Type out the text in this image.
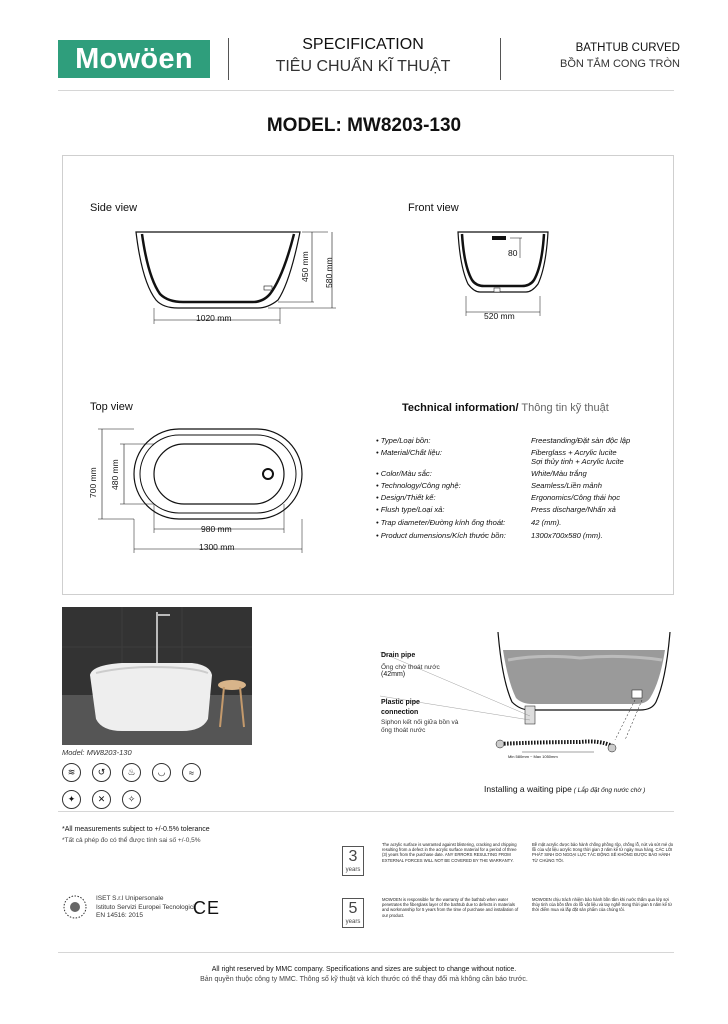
Mowöen	SPECIFICATION
TIÊU CHUẨN KĨ THUẬT
BATHTUB CURVED
BỒN TẮM CONG TRÒN
MODEL: MW8203-130
Side view	Front view
Top view
1020 mm
450 mm 580 mm
80
520 mm
700 mm 480 mm
980 mm
1300 mm
Technical information/ Thông tin kỹ thuật
• Type/Loại bồn:	Freestanding/Đặt sàn độc lập
• Material/Chất liệu:	Fiberglass + Acrylic lucite
Sợi thủy tinh + Acrylic lucite
• Color/Màu sắc:	White/Màu trắng
• Technology/Công nghệ:	Seamless/Liền mảnh
• Design/Thiết kế:	Ergonomics/Công thái học
• Flush type/Loại xả:	Press discharge/Nhấn xả
• Trap diameter/Đường kính ống thoát:	42 (mm).
• Product dumensions/Kích thước bồn:	1300x700x580 (mm).
Model: MW8203-130
≋	↺	♨	◡	≈
✦	✕	✧
Min 580mm ~ Max 1050mm
Drain pipe
Ống chờ thoát nước
(42mm)
Plastic pipe
connection
Siphon kết nối giữa bồn và
ống thoát nước
Installing a waiting pipe ( Lắp đặt ống nước chờ )
*All measurements subject to +/-0.5% tolerance
*Tất cả phép đo có thể được tính sai số +/-0,5%
3
years
The acrylic surface is warranted against blistering, cracking and chipping resulting from a defect in the acrylic surface material for a period of three (3) years from the purchase date. ANY ERRORS RESULTING FROM EXTERNAL FORCES WILL NOT BE COVERED BY THE WARRANTY.
Bề mặt acrylic được bảo hành chống phồng rộp, chống lỗ, nứt và sứt mẻ do lỗi của vật liệu acrylic trong thời gian 3 năm kể từ ngày mua hàng. CÁC LỖI PHÁT SINH DO NGOẠI LỰC TÁC ĐỘNG SẼ KHÔNG ĐƯỢC BẢO HÀNH TỪ CHÚNG TÔI.
5
years
MOWOEN is responsible for the warranty of the bathtub when water penetrates the fiberglass layer of the bathtub due to defects in materials and workmanship for 5 years from the time of purchase and installation of our product.
MOWOEN chịu trách nhiệm bảo hành bồn tắm khi nước thấm qua lớp sợi thủy tinh của bồn tắm do lỗi vật liệu và tay nghề trong thời gian 5 năm kể từ thời điểm mua và lắp đặt sản phẩm của chúng tôi.
ISET S.r.l Unipersonale
Istituto Servizi Europei Tecnologici
EN 14516: 2015	CE
All right reserved by MMC company. Specifications and sizes are subject to change without notice.
Bản quyền thuộc công ty MMC. Thông số kỹ thuật và kích thước có thể thay đổi mà không cần báo trước.
